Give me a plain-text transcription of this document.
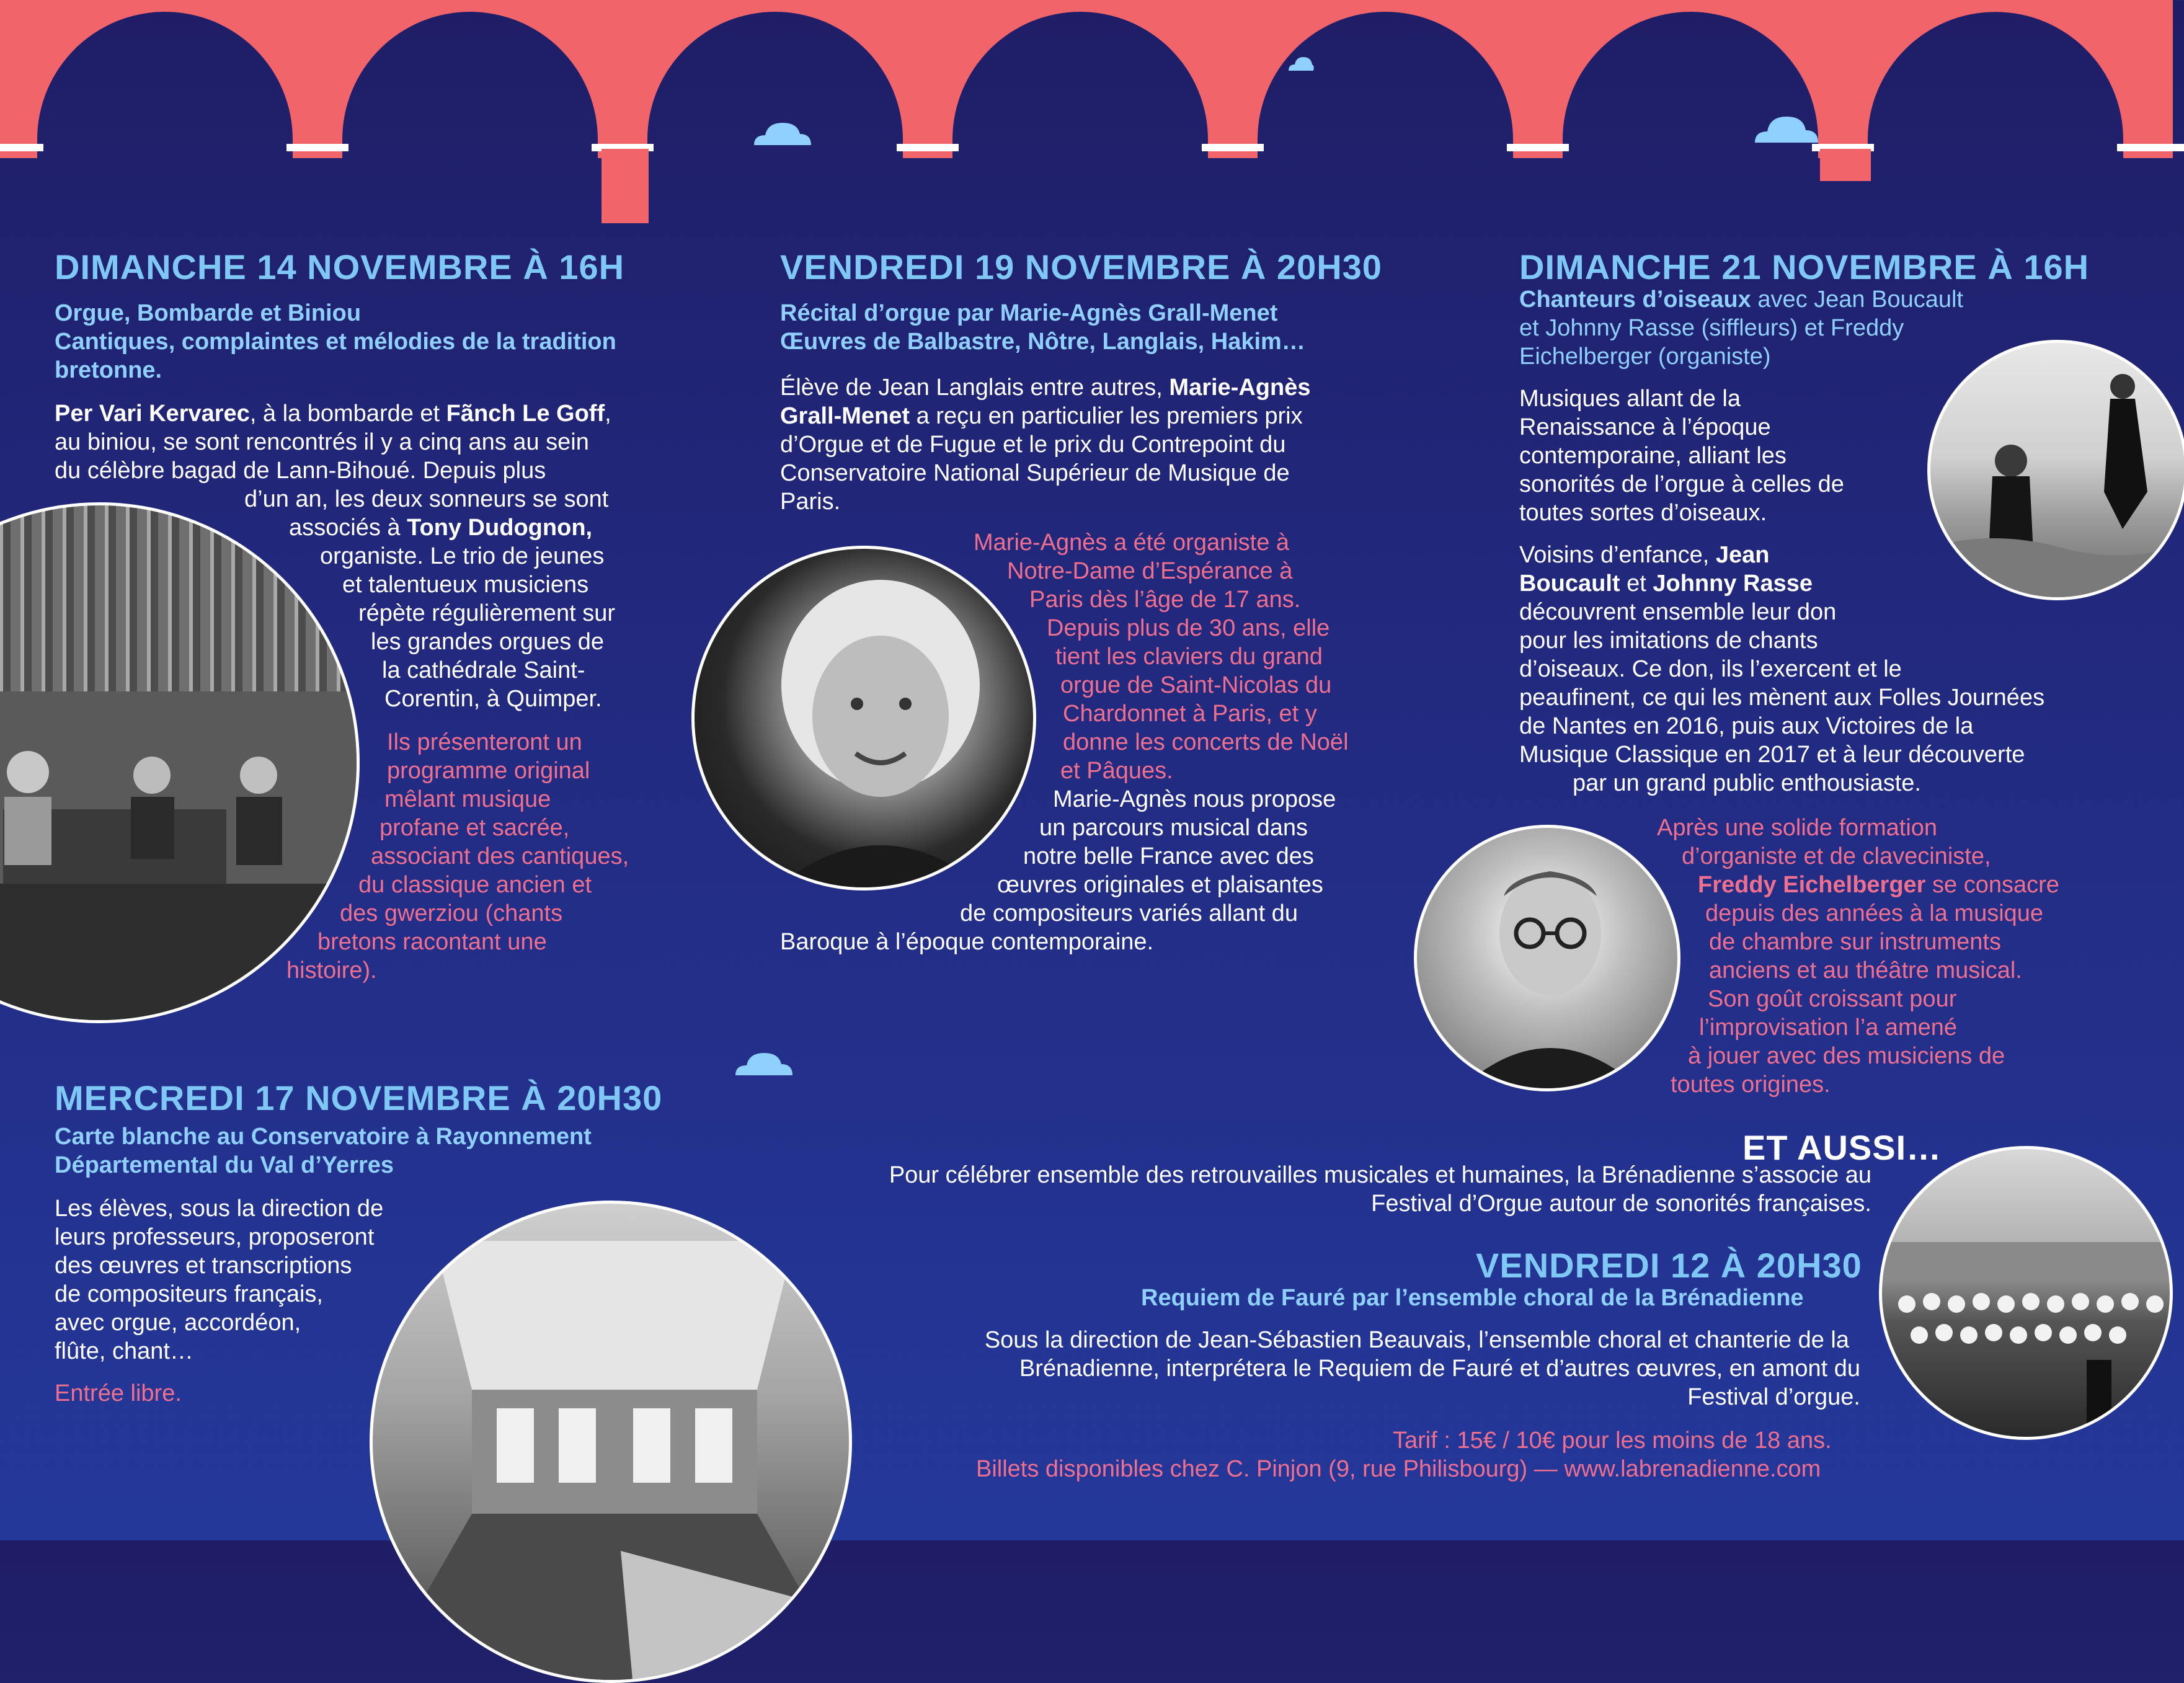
DIMANCHE 14 NOVEMBRE À 16H
Orgue, Bombarde et Biniou
Cantiques, complaintes et mélodies de la tradition
bretonne.
Per Vari Kervarec, à la bombarde et Fãnch Le Goff,
au biniou, se sont rencontrés il y a cinq ans au sein
du célèbre bagad de Lann-Bihoué. Depuis plus
d’un an, les deux sonneurs se sont
associés à Tony Dudognon,
organiste. Le trio de jeunes
et talentueux musiciens
répète régulièrement sur
les grandes orgues de
la cathédrale Saint-
Corentin, à Quimper.
Ils présenteront un
programme original
mêlant musique
profane et sacrée,
associant des cantiques,
du classique ancien et
des gwerziou (chants
bretons racontant une
histoire).
VENDREDI 19 NOVEMBRE À 20H30
Récital d’orgue par Marie-Agnès Grall-Menet
Œuvres de Balbastre, Nôtre, Langlais, Hakim…
Élève de Jean Langlais entre autres, Marie-Agnès
Grall-Menet a reçu en particulier les premiers prix
d’Orgue et de Fugue et le prix du Contrepoint du
Conservatoire National Supérieur de Musique de
Paris.
Marie-Agnès a été organiste à
Notre-Dame d’Espérance à
Paris dès l’âge de 17 ans.
Depuis plus de 30 ans, elle
tient les claviers du grand
orgue de Saint-Nicolas du
Chardonnet à Paris, et y
donne les concerts de Noël
et Pâques.
Marie-Agnès nous propose
un parcours musical dans
notre belle France avec des
œuvres originales et plaisantes
de compositeurs variés allant du
Baroque à l’époque contemporaine.
DIMANCHE 21 NOVEMBRE À 16H
Chanteurs d’oiseaux avec Jean Boucault
et Johnny Rasse (siffleurs) et Freddy
Eichelberger (organiste)
Musiques allant de la
Renaissance à l’époque
contemporaine, alliant les
sonorités de l’orgue à celles de
toutes sortes d’oiseaux.
Voisins d’enfance, Jean
Boucault et Johnny Rasse
découvrent ensemble leur don
pour les imitations de chants
d’oiseaux. Ce don, ils l’exercent et le
peaufinent, ce qui les mènent aux Folles Journées
de Nantes en 2016, puis aux Victoires de la
Musique Classique en 2017 et à leur découverte
par un grand public enthousiaste.
Après une solide formation
d’organiste et de claveciniste,
Freddy Eichelberger se consacre
depuis des années à la musique
de chambre sur instruments
anciens et au théâtre musical.
Son goût croissant pour
l’improvisation l’a amené
à jouer avec des musiciens de
toutes origines.
MERCREDI 17 NOVEMBRE À 20H30
Carte blanche au Conservatoire à Rayonnement
Départemental du Val d’Yerres
Les élèves, sous la direction de
leurs professeurs, proposeront
des œuvres et transcriptions
de compositeurs français,
avec orgue, accordéon,
flûte, chant…
Entrée libre.
ET AUSSI…
Pour célébrer ensemble des retrouvailles musicales et humaines, la Brénadienne s’associe au
Festival d’Orgue autour de sonorités françaises.
VENDREDI 12 À 20H30
Requiem de Fauré par l’ensemble choral de la Brénadienne
Sous la direction de Jean-Sébastien Beauvais, l’ensemble choral et chanterie de la
Brénadienne, interprétera le Requiem de Fauré et d’autres œuvres, en amont du
Festival d’orgue.
Tarif : 15€ / 10€ pour les moins de 18 ans.
Billets disponibles chez C. Pinjon (9, rue Philisbourg) — www.labrenadienne.com
